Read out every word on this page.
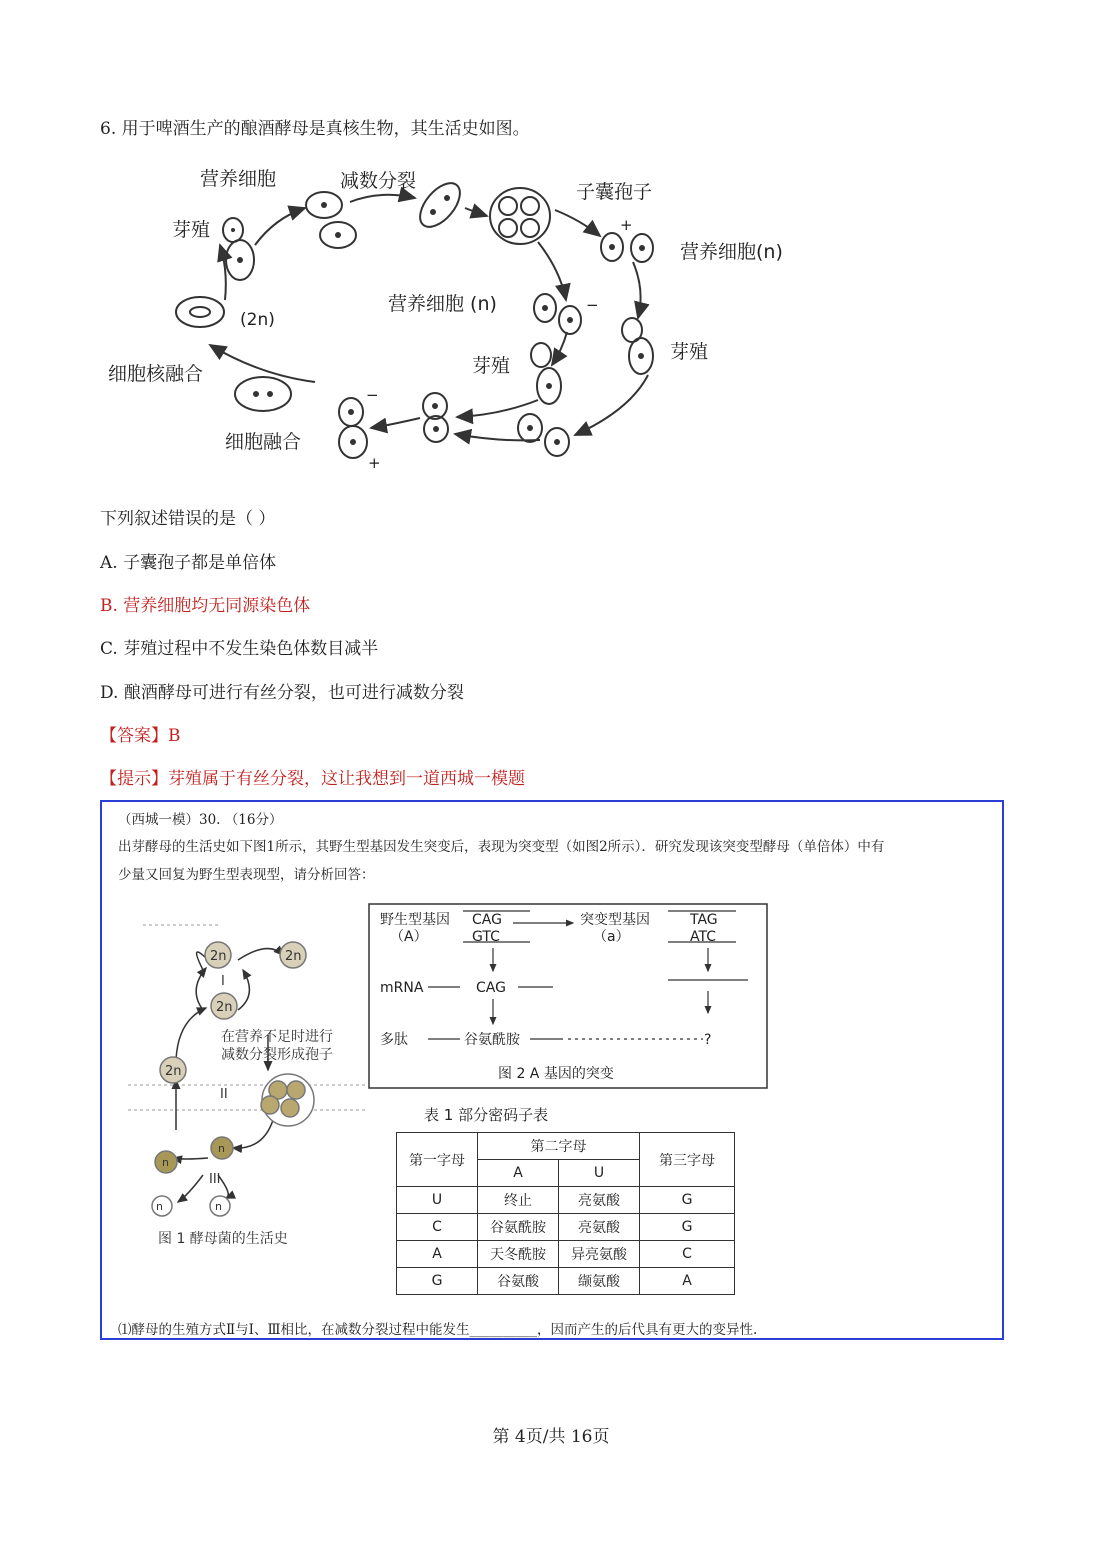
6. 用于啤酒生产的酿酒酵母是真核生物，其生活史如图。
营养细胞	减数分裂	子囊孢子
芽殖
营养细胞(n)
(2n)
营养细胞 (n)
芽殖
芽殖
细胞核融合
细胞融合
+
−
−
+
下列叙述错误的是（ ）
A. 子囊孢子都是单倍体
B. 营养细胞均无同源染色体
C. 芽殖过程中不发生染色体数目减半
D. 酿酒酵母可进行有丝分裂，也可进行减数分裂
【答案】B
【提示】芽殖属于有丝分裂，这让我想到一道西城一模题
（西城一模）30. （16分）
出芽酵母的生活史如下图1所示，其野生型基因发生突变后，表现为突变型（如图2所示）．研究发现该突变型酵母（单倍体）中有
少量又回复为野生型表现型，请分析回答：
2n	2n
2n
2n
n
n
n	n
I
II
III
在营养不足时进行
减数分裂形成孢子
图 1 酵母菌的生活史
野生型基因
（A）
CAG
GTC
突变型基因
（a）
TAG
ATC
mRNA	CAG
多肽	谷氨酰胺	?
图 2 A 基因的突变
表 1 部分密码子表
第一字母	第二字母		第三字母
	A	U	
U	终止	亮氨酸	G
C	谷氨酰胺	亮氨酸	G
A	天冬酰胺	异亮氨酸	C
G	谷氨酸	缬氨酸	A
⑴酵母的生殖方式Ⅱ与Ⅰ、Ⅲ相比，在减数分裂过程中能发生__________，因而产生的后代具有更大的变异性.
第 4页/共 16页
